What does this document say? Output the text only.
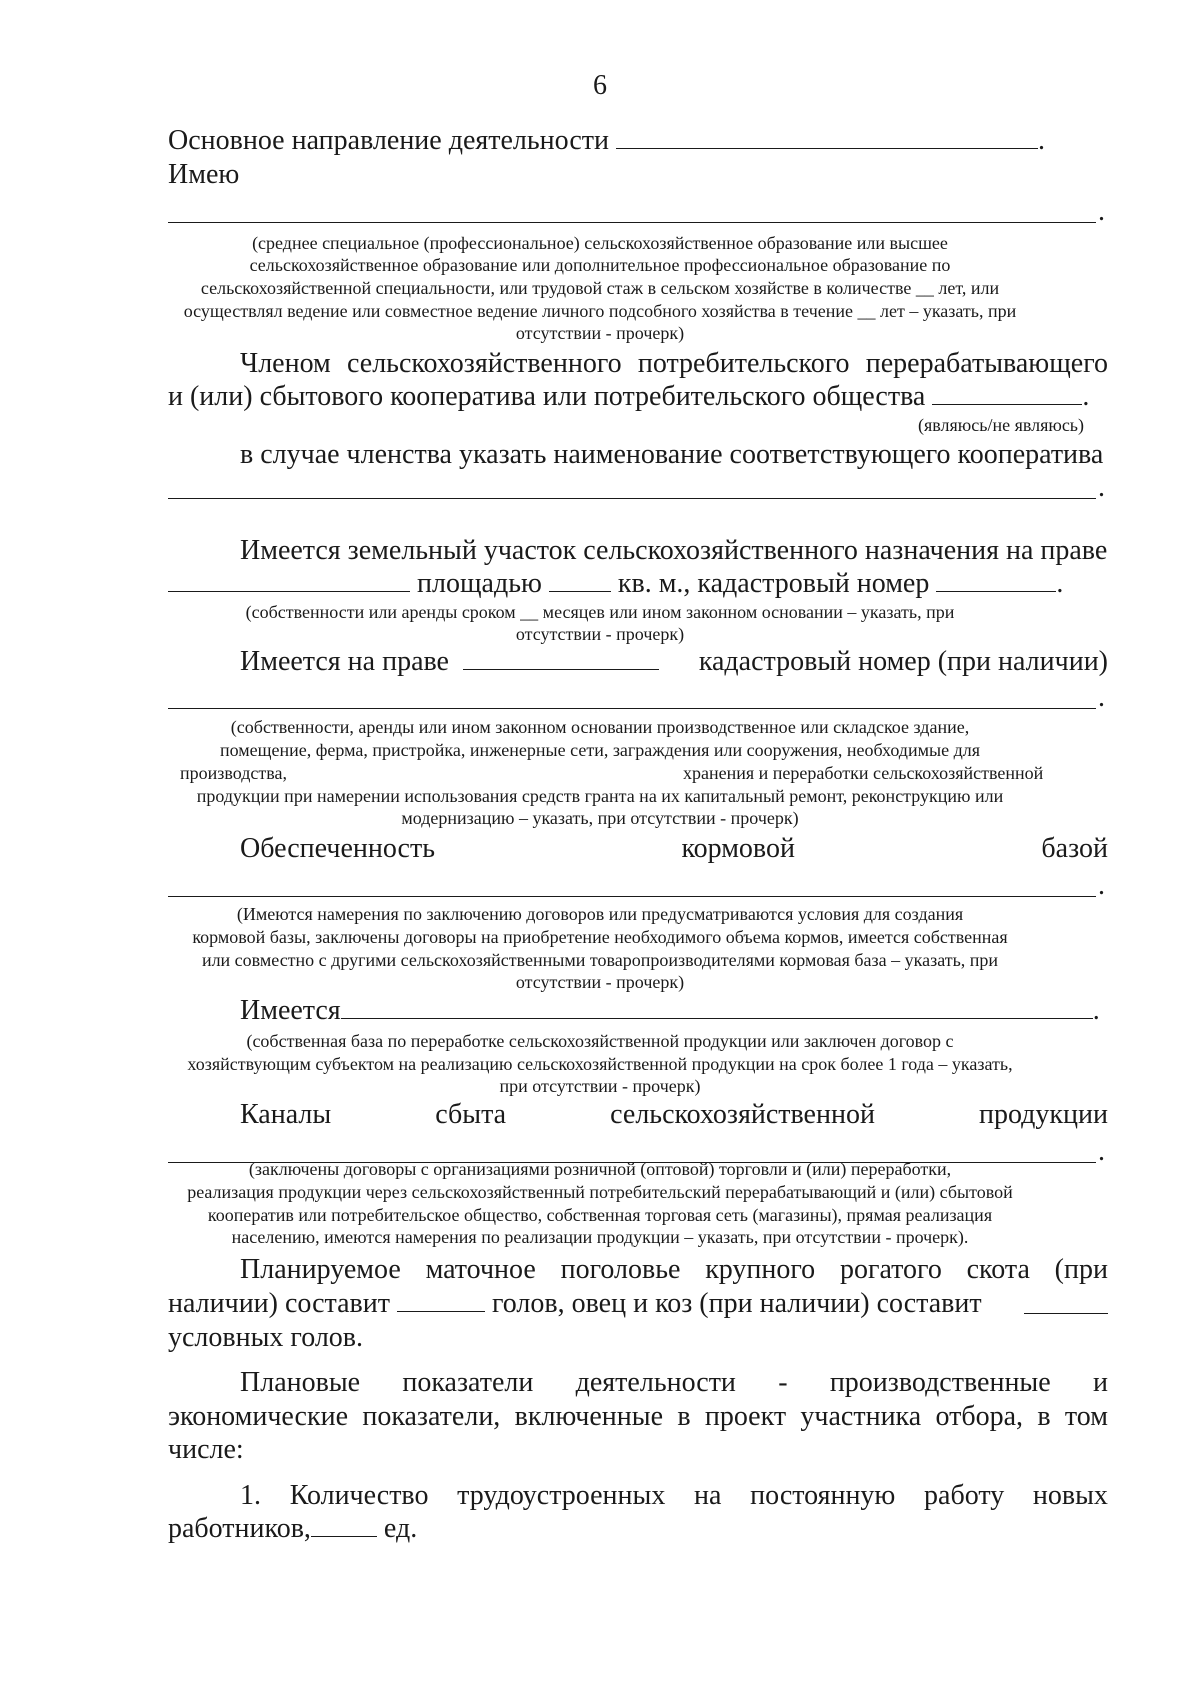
6
Основное направление деятельности	.
Имею
.
(среднее специальное (профессиональное) сельскохозяйственное образование или высшее
сельскохозяйственное образование или дополнительное профессиональное образование по
сельскохозяйственной специальности, или трудовой стаж в сельском хозяйстве в количестве __ лет, или
осуществлял ведение или совместное ведение личного подсобного хозяйства в течение __ лет – указать, при
отсутствии - прочерк)
Членом сельскохозяйственного потребительского перерабатывающего
и (или) сбытового кооператива или потребительского общества	.
(являюсь/не являюсь)
в случае членства указать наименование соответствующего кооператива
.
Имеется земельный участок сельскохозяйственного назначения на праве
площадью	кв. м., кадастровый номер	.
(собственности или аренды сроком __ месяцев или ином законном основании – указать, при
отсутствии - прочерк)
Имеется на праве	кадастровый номер (при наличии)
.
(собственности, аренды или ином законном основании производственное или складское здание,
помещение, ферма, пристройка, инженерные сети, заграждения или сооружения, необходимые для
производства,	хранения и переработки сельскохозяйственной
продукции при намерении использования средств гранта на их капитальный ремонт, реконструкцию или
модернизацию – указать, при отсутствии - прочерк)
Обеспеченность	кормовой	базой
.
(Имеются намерения по заключению договоров или предусматриваются условия для создания
кормовой базы, заключены договоры на приобретение необходимого объема кормов, имеется собственная
или совместно с другими сельскохозяйственными товаропроизводителями кормовая база – указать, при
отсутствии - прочерк)
Имеется	.
(собственная база по переработке сельскохозяйственной продукции или заключен договор с
хозяйствующим субъектом на реализацию сельскохозяйственной продукции на срок более 1 года – указать,
при отсутствии - прочерк)
Каналы	сбыта	сельскохозяйственной	продукции
.
(заключены договоры с организациями розничной (оптовой) торговли и (или) переработки,
реализация продукции через сельскохозяйственный потребительский перерабатывающий и (или) сбытовой
кооператив или потребительское общество, собственная торговая сеть (магазины), прямая реализация
населению, имеются намерения по реализации продукции – указать, при отсутствии - прочерк).
Планируемое маточное поголовье крупного рогатого скота (при
наличии) составит	голов, овец и коз (при наличии) составит
условных голов.
Плановые показатели деятельности - производственные и
экономические показатели, включенные в проект участника отбора, в том
числе:
1. Количество трудоустроенных на постоянную работу новых
работников,	ед.
